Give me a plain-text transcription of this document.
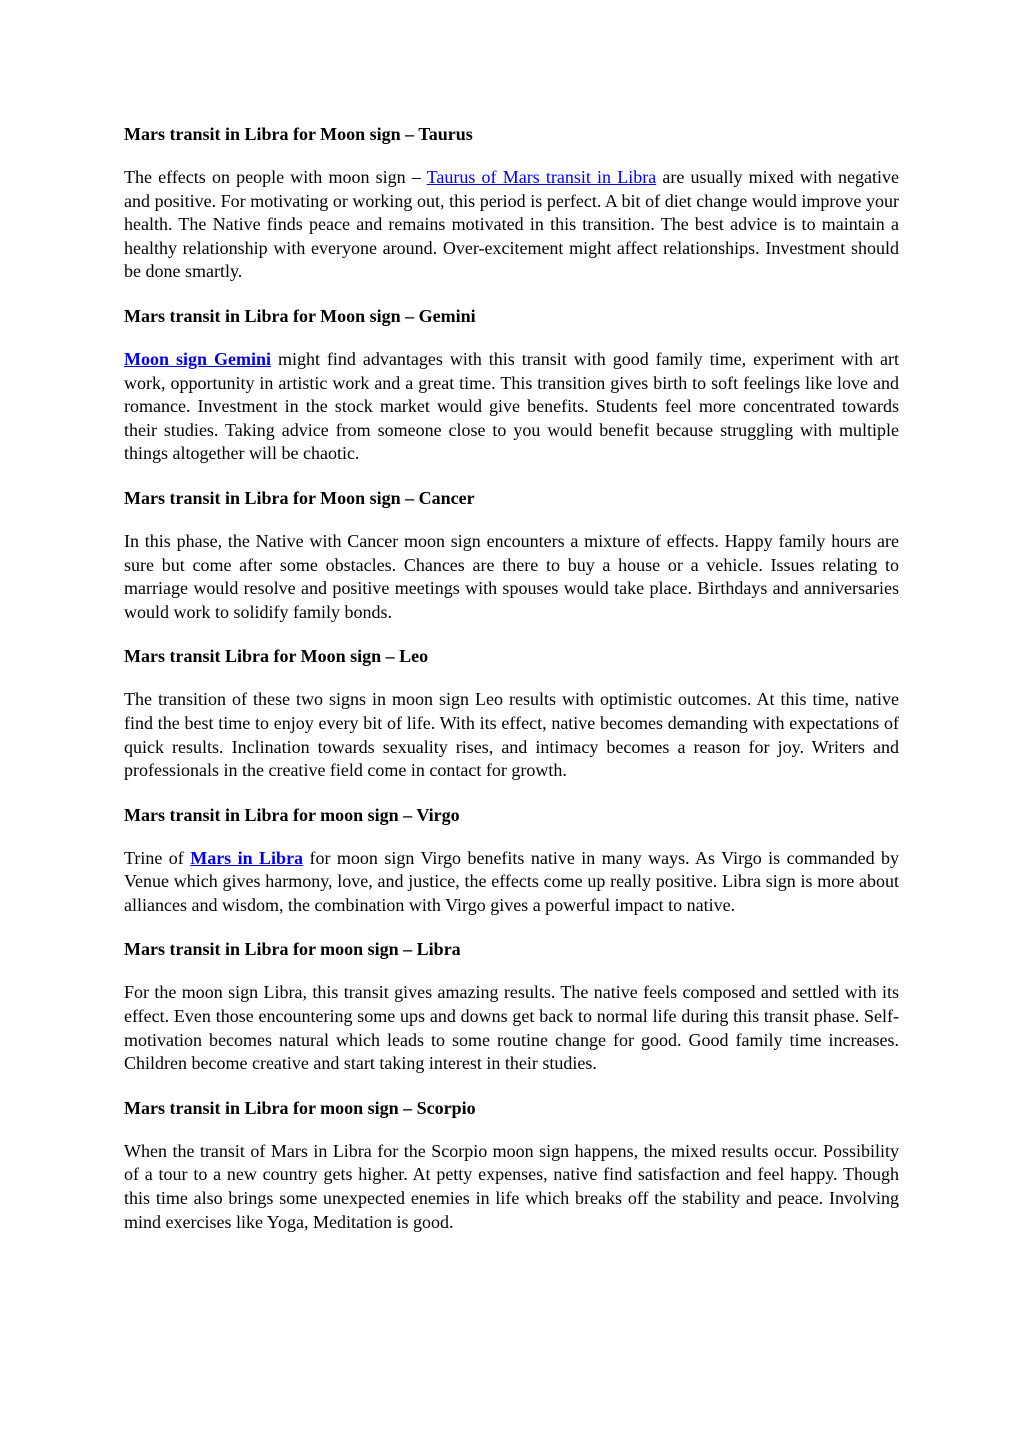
Mars transit in Libra for Moon sign – Taurus

The effects on people with moon sign – Taurus of Mars transit in Libra are usually mixed with negative and positive. For motivating or working out, this period is perfect. A bit of diet change would improve your health. The Native finds peace and remains motivated in this transition. The best advice is to maintain a healthy relationship with everyone around. Over-excitement might affect relationships. Investment should be done smartly.

Mars transit in Libra for Moon sign – Gemini

Moon sign Gemini might find advantages with this transit with good family time, experiment with art work, opportunity in artistic work and a great time. This transition gives birth to soft feelings like love and romance. Investment in the stock market would give benefits. Students feel more concentrated towards their studies. Taking advice from someone close to you would benefit because struggling with multiple things altogether will be chaotic.

Mars transit in Libra for Moon sign – Cancer

In this phase, the Native with Cancer moon sign encounters a mixture of effects. Happy family hours are sure but come after some obstacles. Chances are there to buy a house or a vehicle. Issues relating to marriage would resolve and positive meetings with spouses would take place. Birthdays and anniversaries would work to solidify family bonds.

Mars transit Libra for Moon sign – Leo

The transition of these two signs in moon sign Leo results with optimistic outcomes. At this time, native find the best time to enjoy every bit of life. With its effect, native becomes demanding with expectations of quick results. Inclination towards sexuality rises, and intimacy becomes a reason for joy. Writers and professionals in the creative field come in contact for growth.

Mars transit in Libra for moon sign – Virgo

Trine of Mars in Libra for moon sign Virgo benefits native in many ways. As Virgo is commanded by Venue which gives harmony, love, and justice, the effects come up really positive. Libra sign is more about alliances and wisdom, the combination with Virgo gives a powerful impact to native.

Mars transit in Libra for moon sign – Libra

For the moon sign Libra, this transit gives amazing results. The native feels composed and settled with its effect. Even those encountering some ups and downs get back to normal life during this transit phase. Self-motivation becomes natural which leads to some routine change for good. Good family time increases. Children become creative and start taking interest in their studies.

Mars transit in Libra for moon sign – Scorpio

When the transit of Mars in Libra for the Scorpio moon sign happens, the mixed results occur. Possibility of a tour to a new country gets higher. At petty expenses, native find satisfaction and feel happy. Though this time also brings some unexpected enemies in life which breaks off the stability and peace. Involving mind exercises like Yoga, Meditation is good.
